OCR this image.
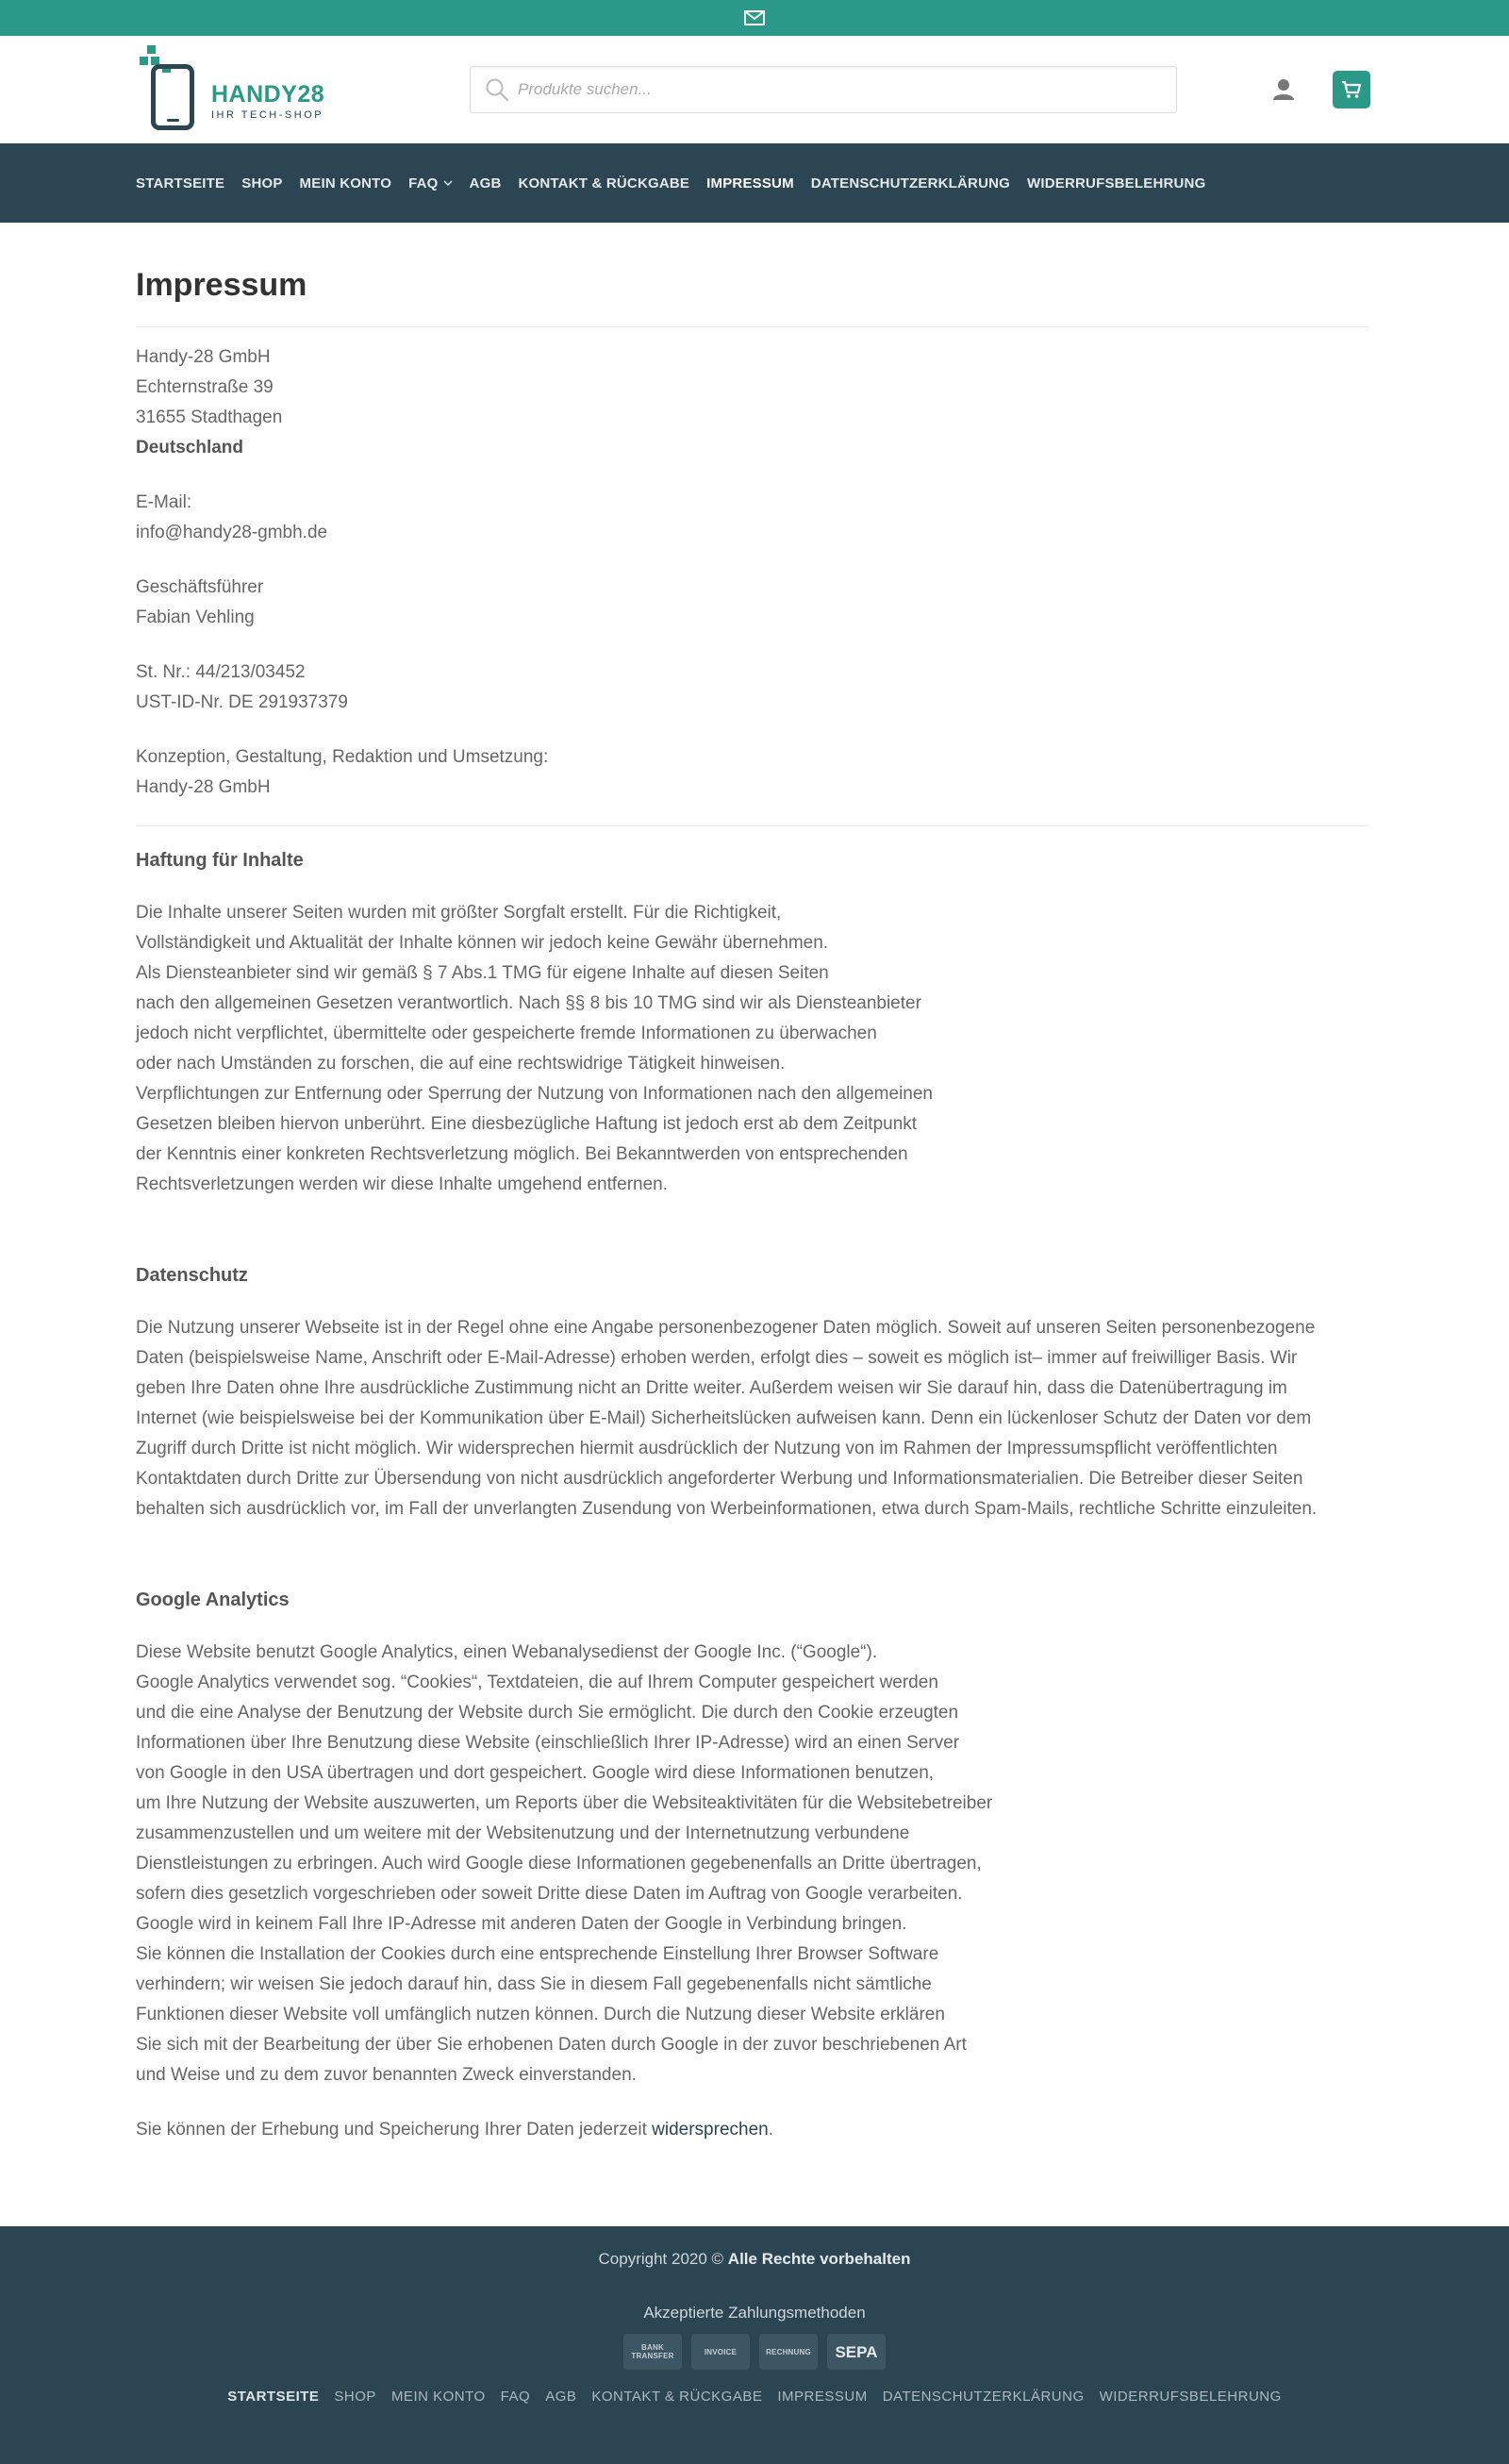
HANDY28
IHR TECH-SHOP
Produkte suchen...
STARTSEITE SHOP MEIN KONTO FAQ AGB KONTAKT & RÜCKGABE IMPRESSUM DATENSCHUTZERKLÄRUNG WIDERRUFSBELEHRUNG
Impressum
Handy-28 GmbH
Echternstraße 39
31655 Stadthagen
Deutschland
E-Mail:
info@handy28-gmbh.de
Geschäftsführer
Fabian Vehling
St. Nr.: 44/213/03452
UST-ID-Nr. DE 291937379
Konzeption, Gestaltung, Redaktion und Umsetzung:
Handy-28 GmbH
Haftung für Inhalte
Die Inhalte unserer Seiten wurden mit größter Sorgfalt erstellt. Für die Richtigkeit,
Vollständigkeit und Aktualität der Inhalte können wir jedoch keine Gewähr übernehmen.
Als Diensteanbieter sind wir gemäß § 7 Abs.1 TMG für eigene Inhalte auf diesen Seiten
nach den allgemeinen Gesetzen verantwortlich. Nach §§ 8 bis 10 TMG sind wir als Diensteanbieter
jedoch nicht verpflichtet, übermittelte oder gespeicherte fremde Informationen zu überwachen
oder nach Umständen zu forschen, die auf eine rechtswidrige Tätigkeit hinweisen.
Verpflichtungen zur Entfernung oder Sperrung der Nutzung von Informationen nach den allgemeinen
Gesetzen bleiben hiervon unberührt. Eine diesbezügliche Haftung ist jedoch erst ab dem Zeitpunkt
der Kenntnis einer konkreten Rechtsverletzung möglich. Bei Bekanntwerden von entsprechenden
Rechtsverletzungen werden wir diese Inhalte umgehend entfernen.
Datenschutz
Die Nutzung unserer Webseite ist in der Regel ohne eine Angabe personenbezogener Daten möglich. Soweit auf unseren Seiten personenbezogene
Daten (beispielsweise Name, Anschrift oder E-Mail-Adresse) erhoben werden, erfolgt dies – soweit es möglich ist– immer auf freiwilliger Basis. Wir
geben Ihre Daten ohne Ihre ausdrückliche Zustimmung nicht an Dritte weiter. Außerdem weisen wir Sie darauf hin, dass die Datenübertragung im
Internet (wie beispielsweise bei der Kommunikation über E-Mail) Sicherheitslücken aufweisen kann. Denn ein lückenloser Schutz der Daten vor dem
Zugriff durch Dritte ist nicht möglich. Wir widersprechen hiermit ausdrücklich der Nutzung von im Rahmen der Impressumspflicht veröffentlichten
Kontaktdaten durch Dritte zur Übersendung von nicht ausdrücklich angeforderter Werbung und Informationsmaterialien. Die Betreiber dieser Seiten
behalten sich ausdrücklich vor, im Fall der unverlangten Zusendung von Werbeinformationen, etwa durch Spam-Mails, rechtliche Schritte einzuleiten.
Google Analytics
Diese Website benutzt Google Analytics, einen Webanalysedienst der Google Inc. (“Google“).
Google Analytics verwendet sog. “Cookies“, Textdateien, die auf Ihrem Computer gespeichert werden
und die eine Analyse der Benutzung der Website durch Sie ermöglicht. Die durch den Cookie erzeugten
Informationen über Ihre Benutzung diese Website (einschließlich Ihrer IP-Adresse) wird an einen Server
von Google in den USA übertragen und dort gespeichert. Google wird diese Informationen benutzen,
um Ihre Nutzung der Website auszuwerten, um Reports über die Websiteaktivitäten für die Websitebetreiber
zusammenzustellen und um weitere mit der Websitenutzung und der Internetnutzung verbundene
Dienstleistungen zu erbringen. Auch wird Google diese Informationen gegebenenfalls an Dritte übertragen,
sofern dies gesetzlich vorgeschrieben oder soweit Dritte diese Daten im Auftrag von Google verarbeiten.
Google wird in keinem Fall Ihre IP-Adresse mit anderen Daten der Google in Verbindung bringen.
Sie können die Installation der Cookies durch eine entsprechende Einstellung Ihrer Browser Software
verhindern; wir weisen Sie jedoch darauf hin, dass Sie in diesem Fall gegebenenfalls nicht sämtliche
Funktionen dieser Website voll umfänglich nutzen können. Durch die Nutzung dieser Website erklären
Sie sich mit der Bearbeitung der über Sie erhobenen Daten durch Google in der zuvor beschriebenen Art
und Weise und zu dem zuvor benannten Zweck einverstanden.
Sie können der Erhebung und Speicherung Ihrer Daten jederzeit widersprechen.
Copyright 2020 © Alle Rechte vorbehalten
Akzeptierte Zahlungsmethoden
BANK TRANSFER	INVOICE	RECHNUNG	SEPA
STARTSEITE SHOP MEIN KONTO FAQ AGB KONTAKT & RÜCKGABE IMPRESSUM DATENSCHUTZERKLÄRUNG WIDERRUFSBELEHRUNG
